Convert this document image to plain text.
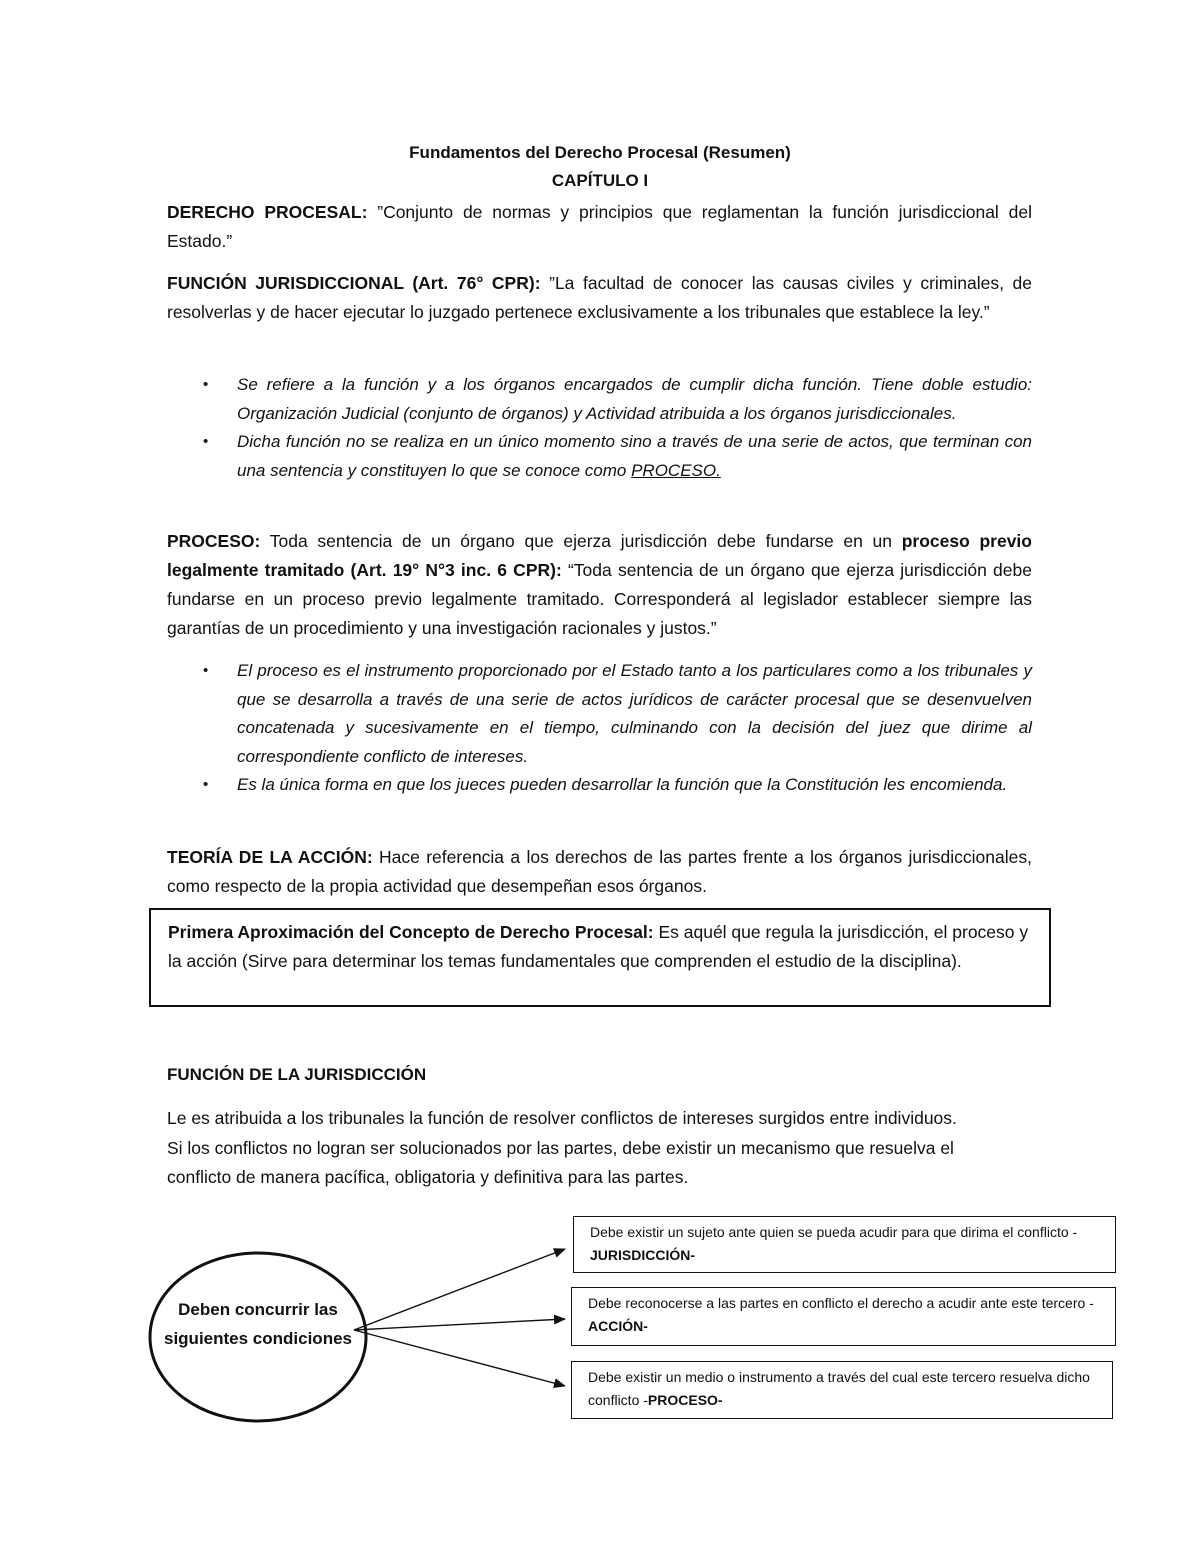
Fundamentos del Derecho Procesal (Resumen)
CAPÍTULO I

DERECHO PROCESAL: ”Conjunto de normas y principios que reglamentan la función jurisdiccional del Estado.”

FUNCIÓN JURISDICCIONAL (Art. 76° CPR): ”La facultad de conocer las causas civiles y criminales, de resolverlas y de hacer ejecutar lo juzgado pertenece exclusivamente a los tribunales que establece la ley.”

• Se refiere a la función y a los órganos encargados de cumplir dicha función. Tiene doble estudio: Organización Judicial (conjunto de órganos) y Actividad atribuida a los órganos jurisdiccionales.
• Dicha función no se realiza en un único momento sino a través de una serie de actos, que terminan con una sentencia y constituyen lo que se conoce como PROCESO.

PROCESO: Toda sentencia de un órgano que ejerza jurisdicción debe fundarse en un proceso previo legalmente tramitado (Art. 19° N°3 inc. 6 CPR): “Toda sentencia de un órgano que ejerza jurisdicción debe fundarse en un proceso previo legalmente tramitado. Corresponderá al legislador establecer siempre las garantías de un procedimiento y una investigación racionales y justos.”

• El proceso es el instrumento proporcionado por el Estado tanto a los particulares como a los tribunales y que se desarrolla a través de una serie de actos jurídicos de carácter procesal que se desenvuelven concatenada y sucesivamente en el tiempo, culminando con la decisión del juez que dirime al correspondiente conflicto de intereses.
• Es la única forma en que los jueces pueden desarrollar la función que la Constitución les encomienda.

TEORÍA DE LA ACCIÓN: Hace referencia a los derechos de las partes frente a los órganos jurisdiccionales, como respecto de la propia actividad que desempeñan esos órganos.

Primera Aproximación del Concepto de Derecho Procesal: Es aquél que regula la jurisdicción, el proceso y la acción (Sirve para determinar los temas fundamentales que comprenden el estudio de la disciplina).

FUNCIÓN DE LA JURISDICCIÓN

Le es atribuida a los tribunales la función de resolver conflictos de intereses surgidos entre individuos. Si los conflictos no logran ser solucionados por las partes, debe existir un mecanismo que resuelva el conflicto de manera pacífica, obligatoria y definitiva para las partes.

Deben concurrir las siguientes condiciones
Debe existir un sujeto ante quien se pueda acudir para que dirima el conflicto -JURISDICCIÓN-
Debe reconocerse a las partes en conflicto el derecho a acudir ante este tercero -ACCIÓN-
Debe existir un medio o instrumento a través del cual este tercero resuelva dicho conflicto -PROCESO-
